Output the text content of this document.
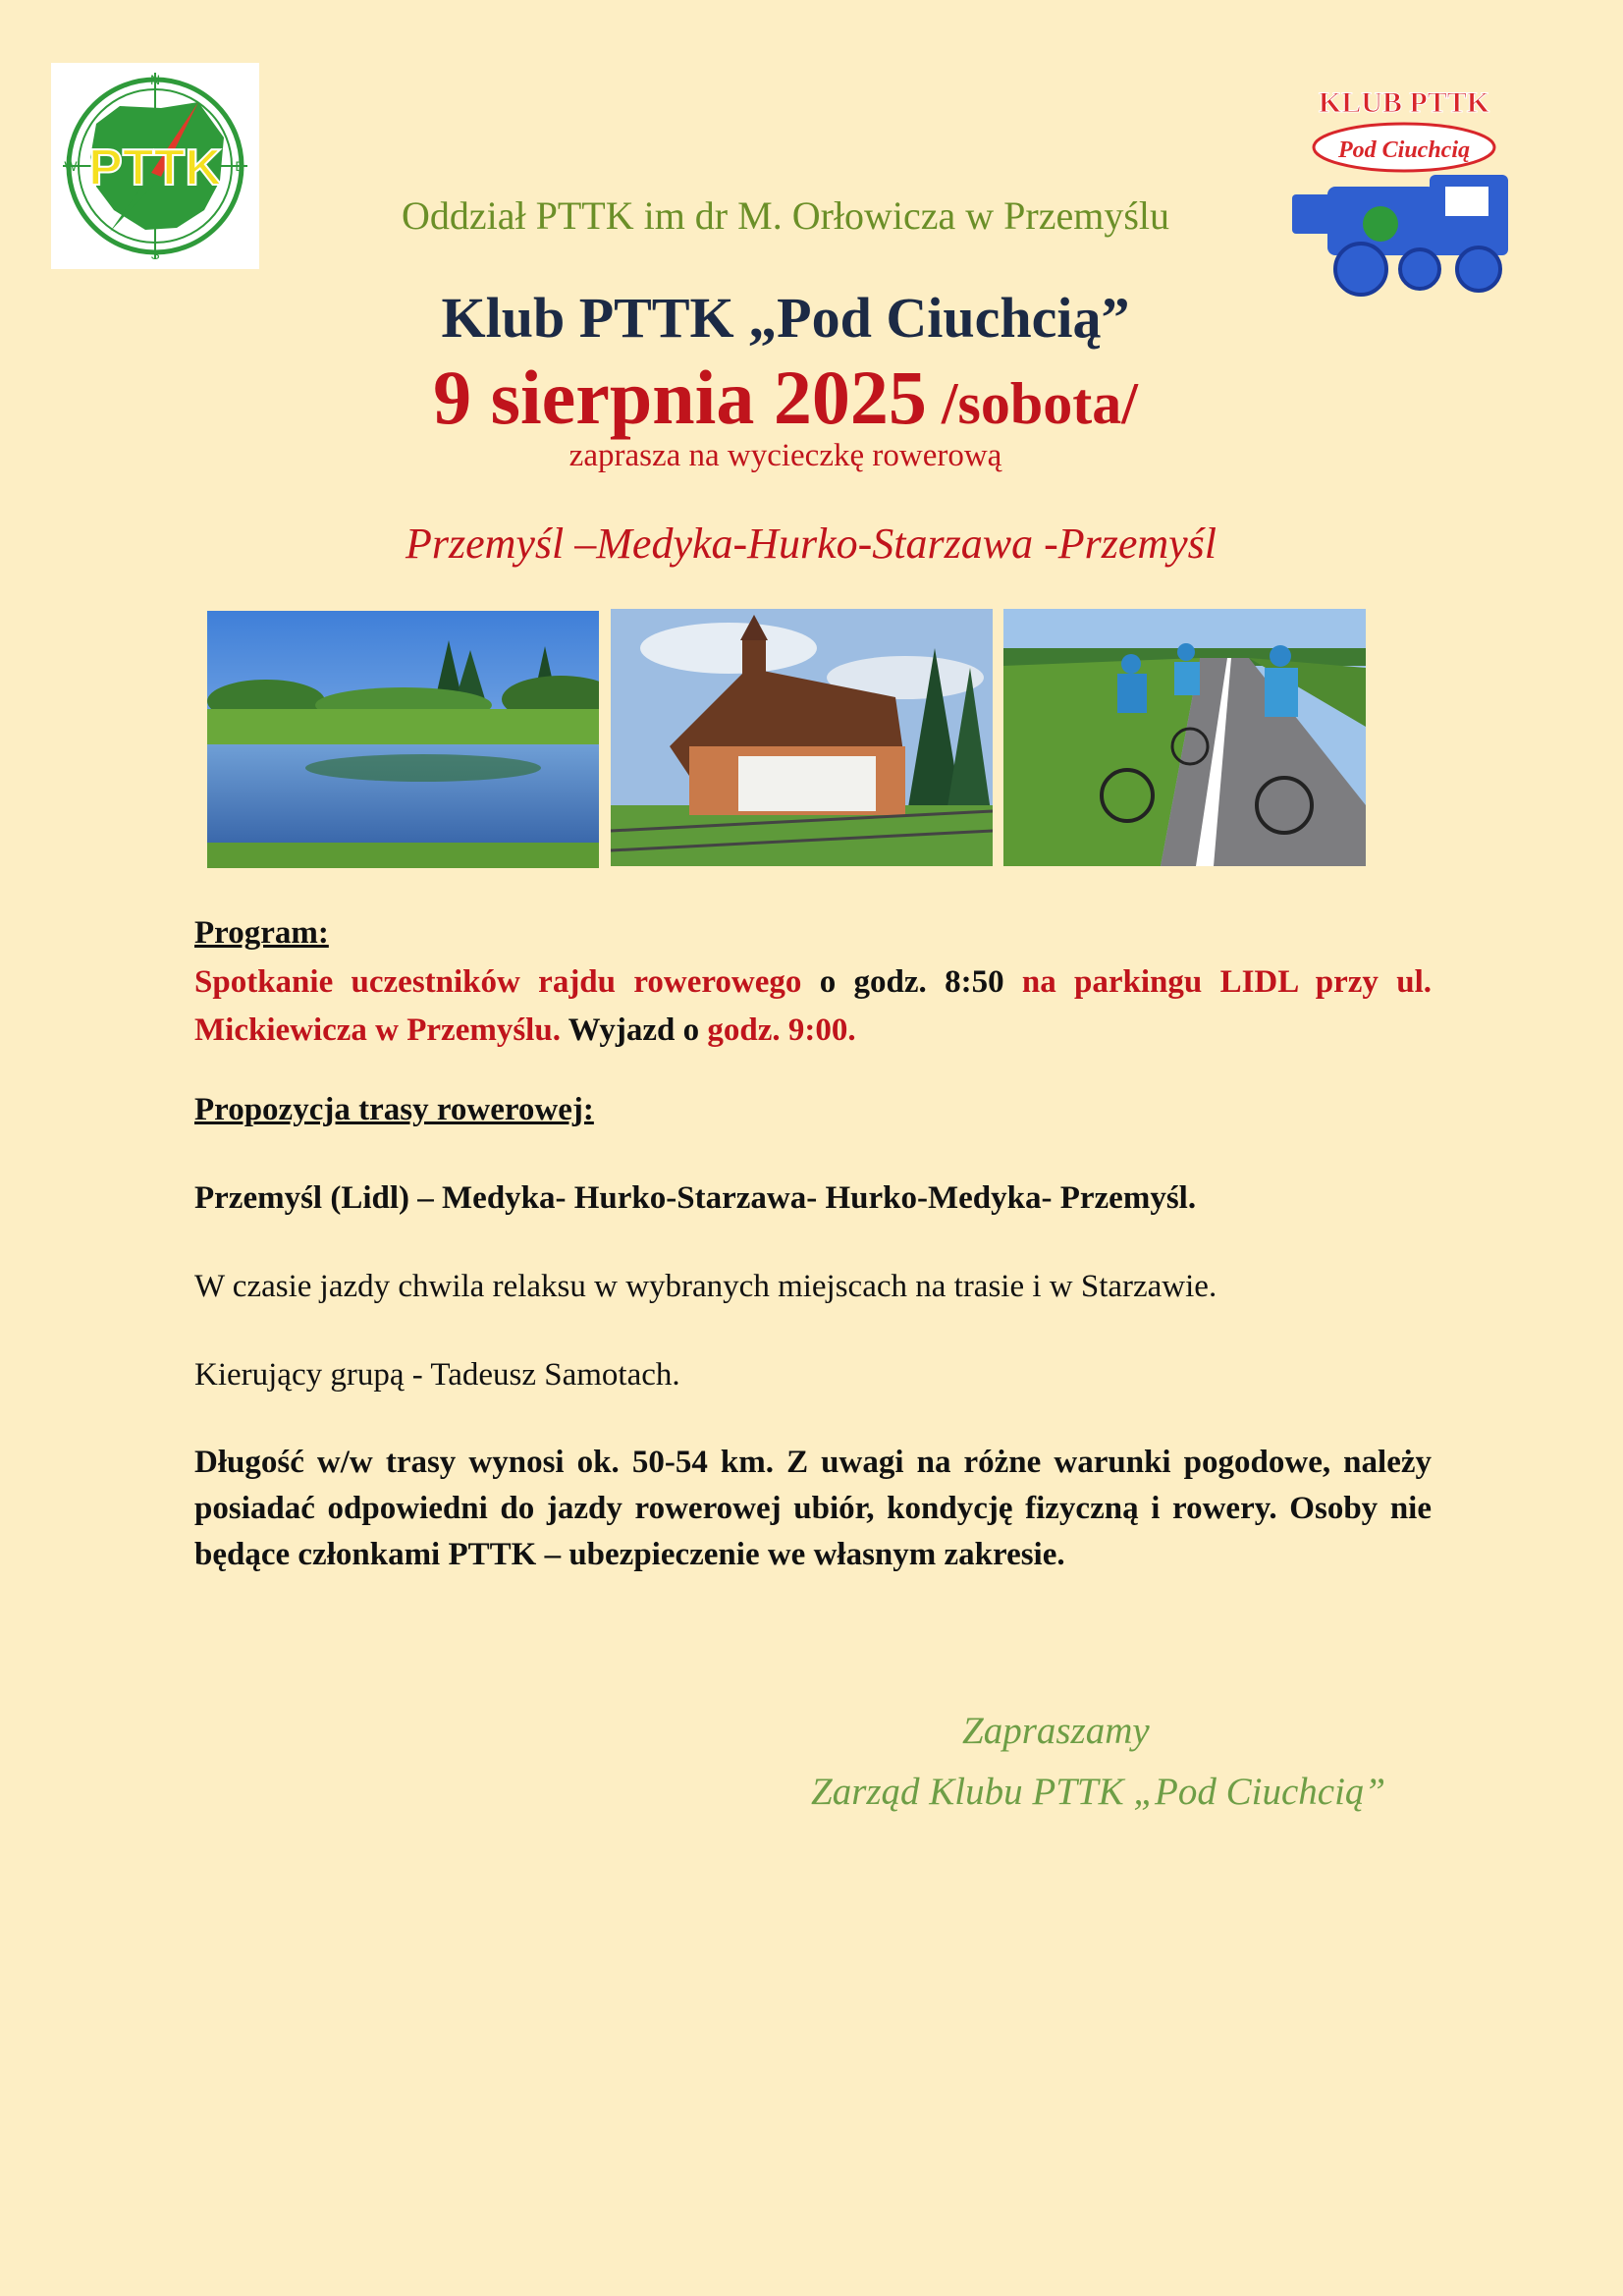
PTTK
N
E
S
W
KLUB PTTK
Pod Ciuchcią
Oddział PTTK im dr M. Orłowicza w Przemyślu
Klub PTTK „Pod Ciuchcią”
9 sierpnia 2025 /sobota/
zaprasza na wycieczkę rowerową
Przemyśl –Medyka-Hurko-Starzawa -Przemyśl
Program:
Spotkanie uczestników rajdu rowerowego o godz. 8:50 na parkingu LIDL przy ul. Mickiewicza w Przemyślu. Wyjazd o godz. 9:00.
Propozycja trasy rowerowej:
Przemyśl (Lidl) – Medyka- Hurko-Starzawa- Hurko-Medyka- Przemyśl.
W czasie jazdy chwila relaksu w wybranych miejscach na trasie i w Starzawie.
Kierujący grupą - Tadeusz Samotach.
Długość w/w trasy wynosi ok. 50-54 km. Z uwagi na różne warunki pogodowe, należy posiadać odpowiedni do jazdy rowerowej ubiór, kondycję fizyczną i rowery. Osoby nie będące członkami PTTK – ubezpieczenie we własnym zakresie.
Zapraszamy
Zarząd Klubu PTTK „Pod Ciuchcią”
